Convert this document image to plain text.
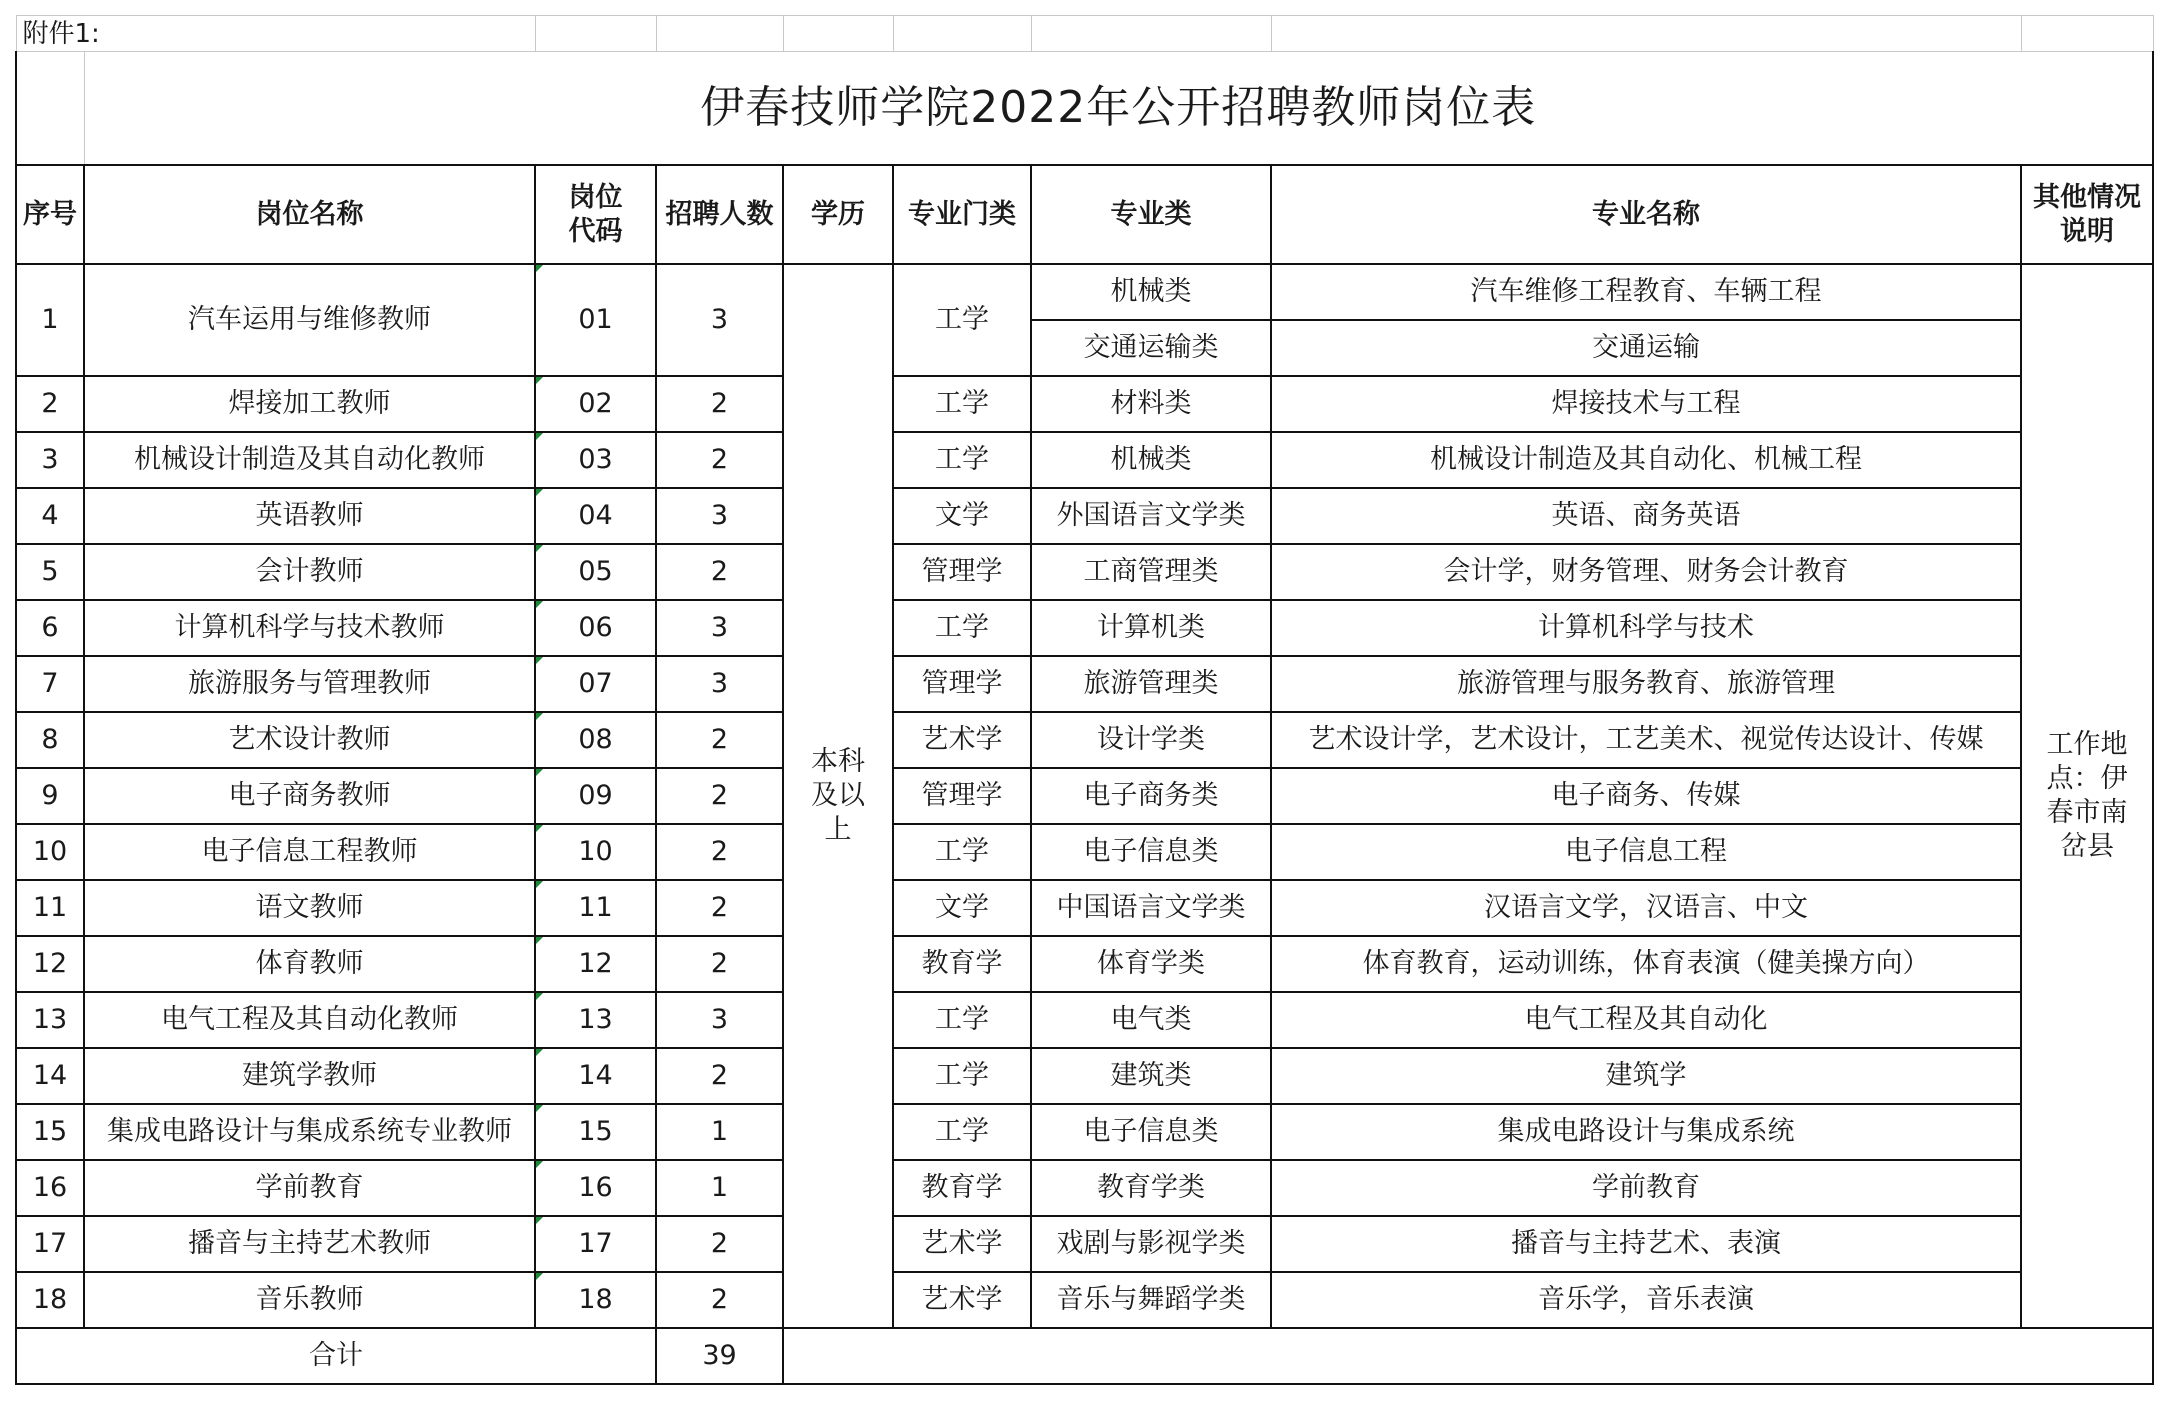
附件1:								
	伊春技师学院2022年公开招聘教师岗位表							
序号	岗位名称	岗位代码	招聘人数	学历	专业门类	专业类	专业名称	其他情况说明
1	汽车运用与维修教师	01	3	本科及以上	工学	机械类	汽车维修工程教育、车辆工程	工作地点：伊春市南岔县
						交通运输类	交通运输	
2	焊接加工教师	02	2		工学	材料类	焊接技术与工程	
3	机械设计制造及其自动化教师	03	2		工学	机械类	机械设计制造及其自动化、机械工程	
4	英语教师	04	3		文学	外国语言文学类	英语、商务英语	
5	会计教师	05	2		管理学	工商管理类	会计学，财务管理、财务会计教育	
6	计算机科学与技术教师	06	3		工学	计算机类	计算机科学与技术	
7	旅游服务与管理教师	07	3		管理学	旅游管理类	旅游管理与服务教育、旅游管理	
8	艺术设计教师	08	2		艺术学	设计学类	艺术设计学，艺术设计，工艺美术、视觉传达设计、传媒	
9	电子商务教师	09	2		管理学	电子商务类	电子商务、传媒	
10	电子信息工程教师	10	2		工学	电子信息类	电子信息工程	
11	语文教师	11	2		文学	中国语言文学类	汉语言文学，汉语言、中文	
12	体育教师	12	2		教育学	体育学类	体育教育，运动训练，体育表演（健美操方向）	
13	电气工程及其自动化教师	13	3		工学	电气类	电气工程及其自动化	
14	建筑学教师	14	2		工学	建筑类	建筑学	
15	集成电路设计与集成系统专业教师	15	1		工学	电子信息类	集成电路设计与集成系统	
16	学前教育	16	1		教育学	教育学类	学前教育	
17	播音与主持艺术教师	17	2		艺术学	戏剧与影视学类	播音与主持艺术、表演	
18	音乐教师	18	2		艺术学	音乐与舞蹈学类	音乐学，音乐表演	
合计			39					
